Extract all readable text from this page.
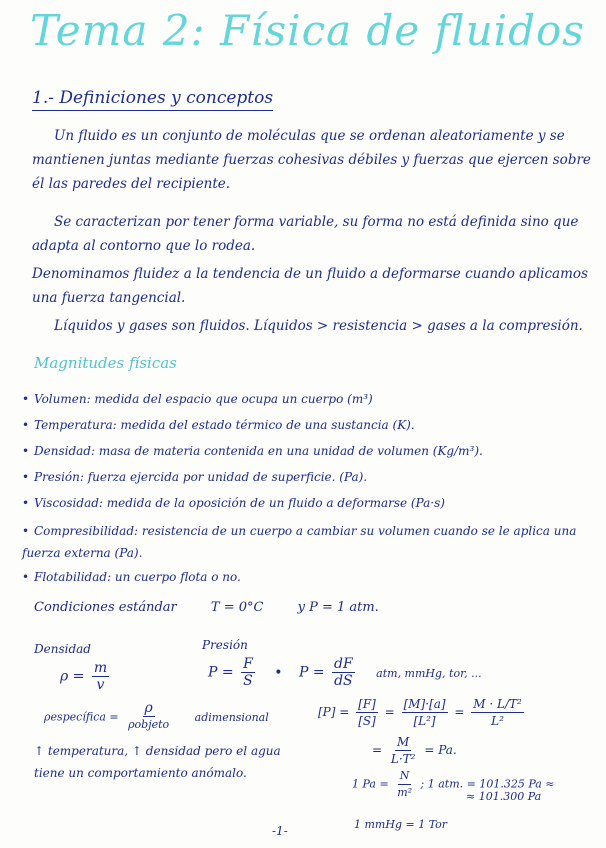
Tema 2: Física de fluidos
1.- Definiciones y conceptos
Un fluido es un conjunto de moléculas que se ordenan aleatoriamente y se mantienen juntas mediante fuerzas cohesivas débiles y fuerzas que ejercen sobre él las paredes del recipiente.
Se caracterizan por tener forma variable, su forma no está definida sino que adapta al contorno que lo rodea.
Denominamos fluidez a la tendencia de un fluido a deformarse cuando aplicamos una fuerza tangencial.
Líquidos y gases son fluidos. Líquidos > resistencia > gases a la compresión.
Magnitudes físicas
• Volumen: medida del espacio que ocupa un cuerpo (m³)
• Temperatura: medida del estado térmico de una sustancia (K).
• Densidad: masa de materia contenida en una unidad de volumen (Kg/m³).
• Presión: fuerza ejercida por unidad de superficie. (Pa).
• Viscosidad: medida de la oposición de un fluido a deformarse (Pa·s)
• Compresibilidad: resistencia de un cuerpo a cambiar su volumen cuando se le aplica una fuerza externa (Pa).
• Flotabilidad: un cuerpo flota o no.
Condiciones estándar	T = 0°C	y P = 1 atm.
Densidad
$\rho = \frac{m}{v}$
Presión
$P = \frac{F}{S}$ • $P = \frac{dF}{dS}$ atm, mmHg, tor, ...
ρespecífica = $\frac{\rho}{\text{ρobjeto}}$ adimensional	$[P] = \frac{[F]}{[S]} = \frac{[M]\cdot[a]}{\text{[L²]}} = \frac{\text{M · L/T²}}{\text{L²}}$
= $\frac{M}{\text{L·T²}} = Pa$.
↑ temperatura, ↑ densidad pero el agua tiene un comportamiento anómalo.
1 $Pa = \frac{N}{\text{m²}}$ ; 1 atm. = 101.325 Pa ≈
≈ 101.300 Pa
1 mmHg = 1 Tor
-1-
